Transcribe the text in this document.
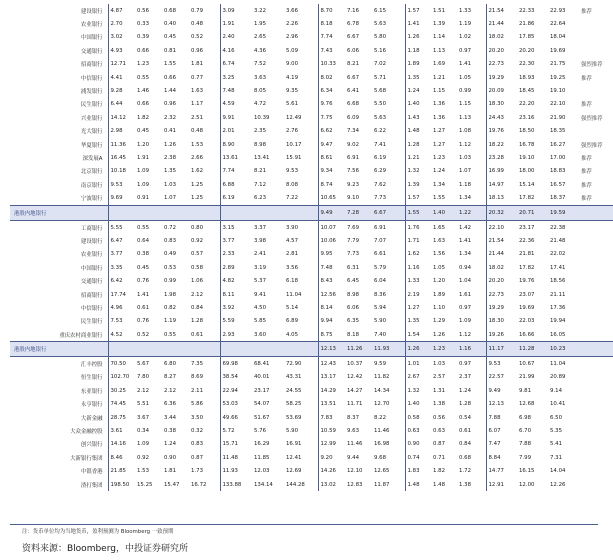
建设银行	4.87	0.56	0.68	0.79	3.09	3.22	3.66	8.70	7.16	6.15	1.57	1.51	1.33	21.54	22.33	22.93	推荐
农业银行	2.70	0.33	0.40	0.48	1.91	1.95	2.26	8.18	6.78	5.63	1.41	1.39	1.19	21.44	21.86	22.64	
中国银行	3.02	0.39	0.45	0.52	2.40	2.65	2.96	7.74	6.67	5.80	1.26	1.14	1.02	18.02	17.85	18.04	
交通银行	4.93	0.66	0.81	0.96	4.16	4.36	5.09	7.43	6.06	5.16	1.18	1.13	0.97	20.20	20.20	19.69	
招商银行	12.71	1.23	1.55	1.81	6.74	7.52	9.00	10.33	8.21	7.02	1.89	1.69	1.41	22.73	22.30	21.75	强烈推荐
中信银行	4.41	0.55	0.66	0.77	3.25	3.63	4.19	8.02	6.67	5.71	1.35	1.21	1.05	19.29	18.93	19.25	推荐
浦发银行	9.28	1.46	1.44	1.63	7.48	8.05	9.35	6.34	6.41	5.68	1.24	1.15	0.99	20.09	18.45	19.10	
民生银行	6.44	0.66	0.96	1.17	4.59	4.72	5.61	9.76	6.68	5.50	1.40	1.36	1.15	18.30	22.20	22.10	推荐
兴业银行	14.12	1.82	2.32	2.51	9.91	10.39	12.49	7.75	6.09	5.63	1.43	1.36	1.13	24.43	23.16	21.90	强烈推荐
光大银行	2.98	0.45	0.41	0.48	2.01	2.35	2.76	6.62	7.34	6.22	1.48	1.27	1.08	19.76	18.50	18.35	
华夏银行	11.36	1.20	1.26	1.53	8.90	8.98	10.17	9.47	9.02	7.41	1.28	1.27	1.12	18.22	16.78	16.27	强烈推荐
深发展A	16.45	1.91	2.38	2.66	13.61	13.41	15.91	8.61	6.91	6.19	1.21	1.23	1.03	23.28	19.10	17.00	推荐
北京银行	10.18	1.09	1.35	1.62	7.74	8.21	9.53	9.34	7.56	6.29	1.32	1.24	1.07	16.99	18.00	18.83	推荐
南京银行	9.53	1.09	1.03	1.25	6.88	7.12	8.08	8.74	9.23	7.62	1.39	1.34	1.18	14.97	15.14	16.57	推荐
宁波银行	9.69	0.91	1.07	1.25	6.19	6.23	7.22	10.65	9.10	7.73	1.57	1.55	1.34	18.13	17.82	18.37	推荐
港股内地银行								9.49	7.28	6.67	1.55	1.40	1.22	20.32	20.71	19.59	
工商银行	5.55	0.55	0.72	0.80	3.15	3.37	3.90	10.07	7.69	6.91	1.76	1.65	1.42	22.10	23.17	22.38	
建设银行	6.47	0.64	0.83	0.92	3.77	3.98	4.57	10.06	7.79	7.07	1.71	1.63	1.41	21.54	22.36	21.48	
农业银行	3.77	0.38	0.49	0.57	2.33	2.41	2.81	9.95	7.73	6.61	1.62	1.56	1.34	21.44	21.81	22.02	
中国银行	3.35	0.45	0.53	0.58	2.89	3.19	3.56	7.48	6.31	5.79	1.16	1.05	0.94	18.02	17.82	17.41	
交通银行	6.42	0.76	0.99	1.06	4.82	5.37	6.18	8.43	6.45	6.04	1.33	1.20	1.04	20.20	19.76	18.56	
招商银行	17.74	1.41	1.98	2.12	8.11	9.41	11.04	12.56	8.98	8.36	2.19	1.89	1.61	22.73	23.07	21.11	
中信银行	4.96	0.61	0.82	0.84	3.92	4.50	5.14	8.14	6.06	5.94	1.27	1.10	0.97	19.29	19.69	17.36	
民生银行	7.53	0.76	1.19	1.28	5.59	5.85	6.89	9.94	6.35	5.90	1.35	1.29	1.09	18.30	22.03	19.94	
重庆农村商业银行	4.52	0.52	0.55	0.61	2.93	3.60	4.05	8.75	8.18	7.40	1.54	1.26	1.12	19.26	16.66	16.05	
港股内地银行								12.13	11.26	11.93	1.26	1.23	1.16	11.17	11.28	10.23	
汇丰控股	70.50	5.67	6.80	7.35	69.98	68.41	72.90	12.43	10.37	9.59	1.01	1.03	0.97	9.53	10.67	11.04	
恒生银行	102.70	7.80	8.27	8.69	38.54	40.01	43.31	13.17	12.42	11.82	2.67	2.57	2.37	22.57	21.99	20.89	
东亚银行	30.25	2.12	2.12	2.11	22.94	23.17	24.55	14.29	14.27	14.34	1.32	1.31	1.24	9.49	9.81	9.14	
永亨银行	74.45	5.51	6.36	5.86	53.03	54.07	58.25	13.51	11.71	12.70	1.40	1.38	1.28	12.13	12.68	10.41	
大新金融	28.75	3.67	3.44	3.50	49.66	51.67	53.69	7.83	8.37	8.22	0.58	0.56	0.54	7.88	6.98	6.50	
大众金融控股	3.61	0.34	0.38	0.32	5.72	5.76	5.90	10.59	9.63	11.46	0.63	0.63	0.61	6.07	6.70	5.35	
创兴银行	14.16	1.09	1.24	0.83	15.71	16.29	16.91	12.99	11.46	16.98	0.90	0.87	0.84	7.47	7.88	5.41	
大新银行集团	8.46	0.92	0.90	0.87	11.48	11.85	12.41	9.20	9.44	9.68	0.74	0.71	0.68	8.84	7.99	7.31	
中银香港	21.85	1.53	1.81	1.73	11.93	12.03	12.69	14.26	12.10	12.65	1.83	1.82	1.72	14.77	16.15	14.04	
渣打集团	198.50	15.25	15.47	16.72	133.88	134.14	144.28	13.02	12.83	11.87	1.48	1.48	1.38	12.91	12.00	12.26	
注：货币单位均为当地货币，盈利预测为 Bloomberg 一致预期
资料来源：Bloomberg，中投证券研究所
